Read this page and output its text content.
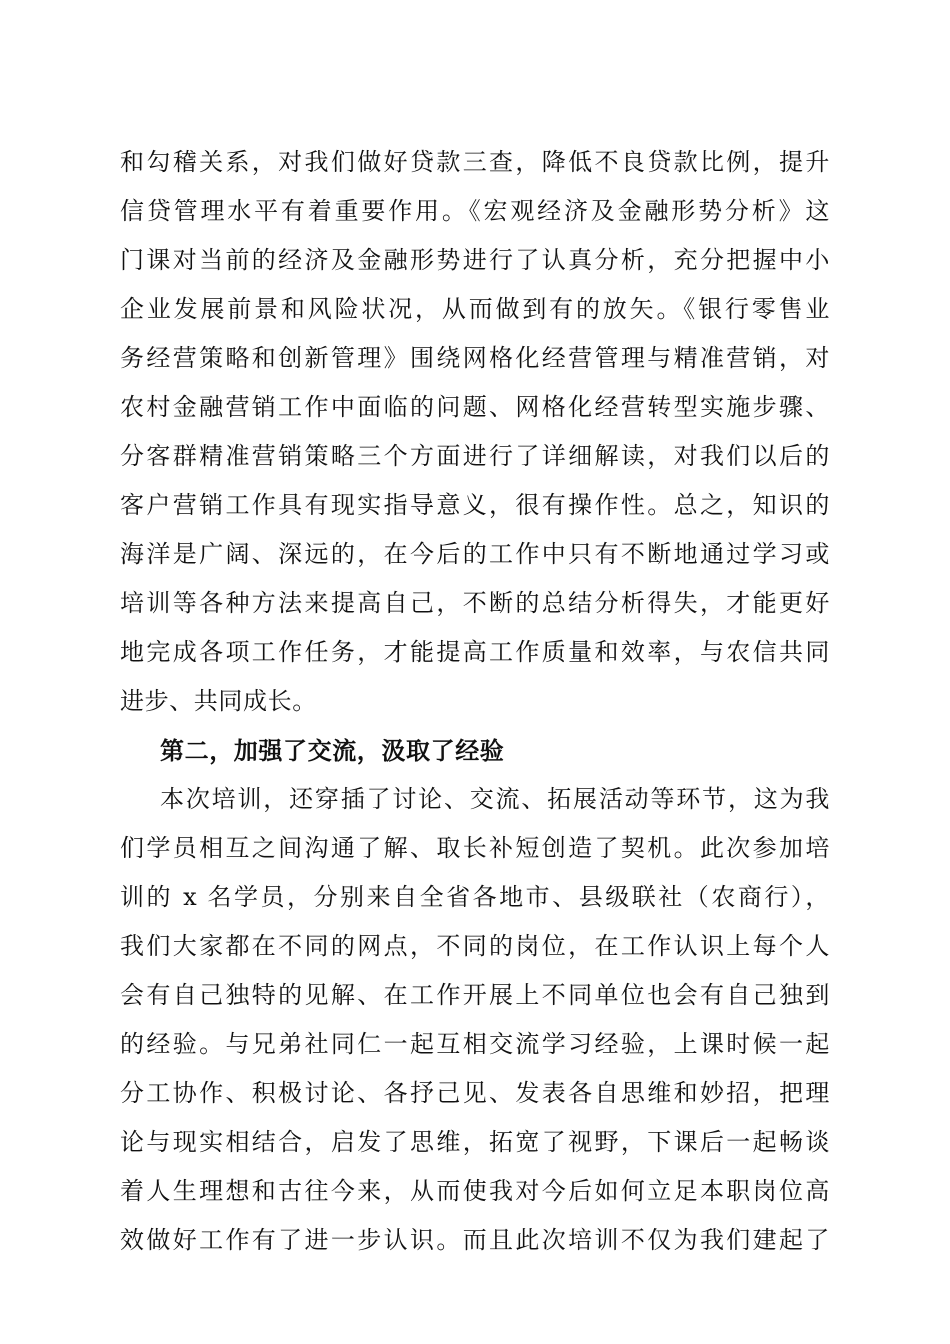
和勾稽关系，对我们做好贷款三查，降低不良贷款比例，提升
信贷管理水平有着重要作用。《宏观经济及金融形势分析》这
门课对当前的经济及金融形势进行了认真分析，充分把握中小
企业发展前景和风险状况，从而做到有的放矢。《银行零售业
务经营策略和创新管理》围绕网格化经营管理与精准营销，对
农村金融营销工作中面临的问题、网格化经营转型实施步骤、
分客群精准营销策略三个方面进行了详细解读，对我们以后的
客户营销工作具有现实指导意义，很有操作性。总之，知识的
海洋是广阔、深远的，在今后的工作中只有不断地通过学习或
培训等各种方法来提高自己，不断的总结分析得失，才能更好
地完成各项工作任务，才能提高工作质量和效率，与农信共同
进步、共同成长。
第二，加强了交流，汲取了经验
本次培训，还穿插了讨论、交流、拓展活动等环节，这为我
们学员相互之间沟通了解、取长补短创造了契机。此次参加培
训的 x 名学员，分别来自全省各地市、县级联社（农商行），
我们大家都在不同的网点，不同的岗位，在工作认识上每个人
会有自己独特的见解、在工作开展上不同单位也会有自己独到
的经验。与兄弟社同仁一起互相交流学习经验，上课时候一起
分工协作、积极讨论、各抒己见、发表各自思维和妙招，把理
论与现实相结合，启发了思维，拓宽了视野，下课后一起畅谈
着人生理想和古往今来，从而使我对今后如何立足本职岗位高
效做好工作有了进一步认识。而且此次培训不仅为我们建起了
